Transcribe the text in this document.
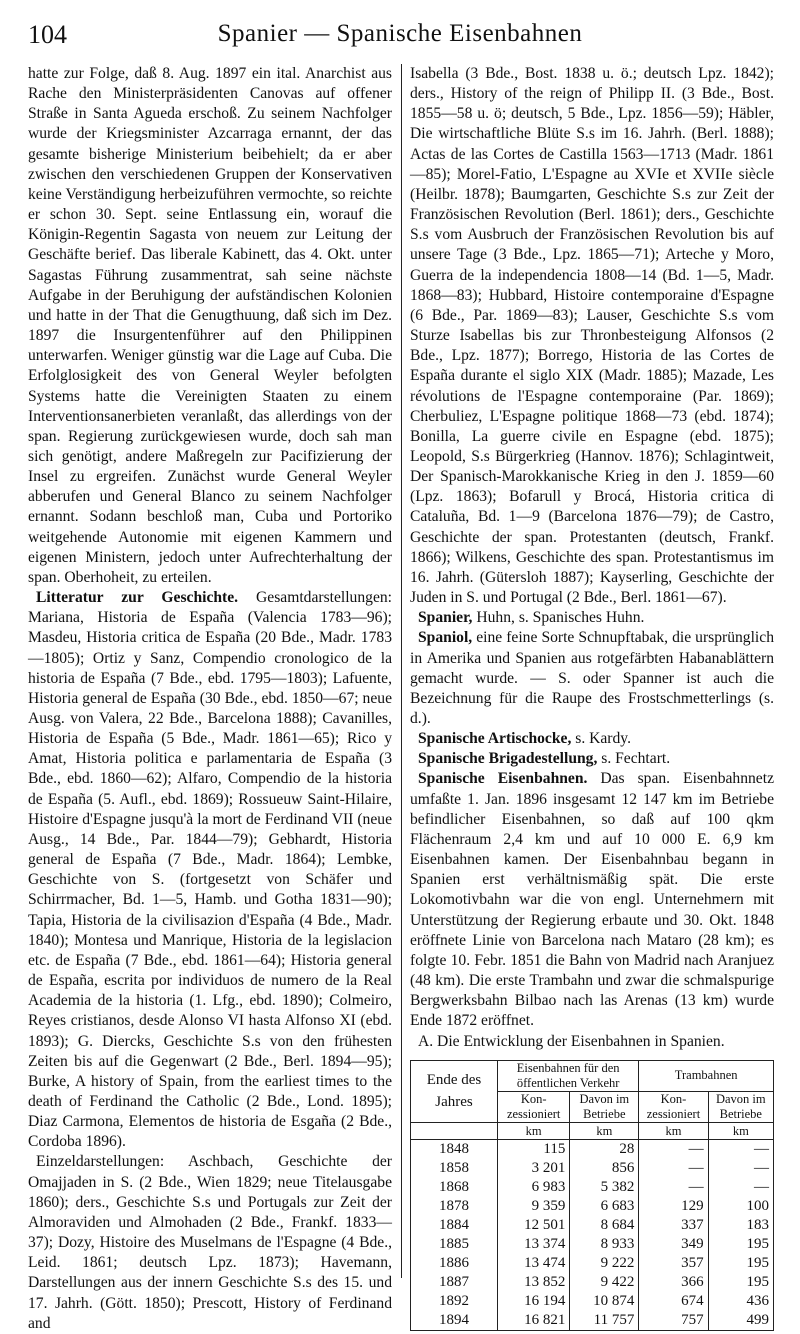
104	Spanier — Spanische Eisenbahnen

hatte zur Folge, daß 8. Aug. 1897 ein ital. Anarchist aus Rache den Ministerpräsidenten Canovas auf offener Straße in Santa Agueda erschoß. Zu seinem Nachfolger wurde der Kriegsminister Azcarraga ernannt, der das gesamte bisherige Ministerium beibehielt; da er aber zwischen den verschiedenen Gruppen der Konservativen keine Verständigung herbeizuführen vermochte, so reichte er schon 30. Sept. seine Entlassung ein, worauf die Königin-Regentin Sagasta von neuem zur Leitung der Geschäfte berief. Das liberale Kabinett, das 4. Okt. unter Sagastas Führung zusammentrat, sah seine nächste Aufgabe in der Beruhigung der aufständischen Kolonien und hatte in der That die Genugthuung, daß sich im Dez. 1897 die Insurgentenführer auf den Philippinen unterwarfen. Weniger günstig war die Lage auf Cuba. Die Erfolglosigkeit des von General Weyler befolgten Systems hatte die Vereinigten Staaten zu einem Interventionsanerbieten veranlaßt, das allerdings von der span. Regierung zurückgewiesen wurde, doch sah man sich genötigt, andere Maßregeln zur Pacifizierung der Insel zu ergreifen. Zunächst wurde General Weyler abberufen und General Blanco zu seinem Nachfolger ernannt. Sodann beschloß man, Cuba und Portoriko weitgehende Autonomie mit eigenen Kammern und eigenen Ministern, jedoch unter Aufrechterhaltung der span. Oberhoheit, zu erteilen.

Litteratur zur Geschichte. Gesamtdarstellungen: Mariana, Historia de España (Valencia 1783—96); Masdeu, Historia critica de España (20 Bde., Madr. 1783—1805); Ortiz y Sanz, Compendio cronologico de la historia de España (7 Bde., ebd. 1795—1803); Lafuente, Historia general de España (30 Bde., ebd. 1850—67; neue Ausg. von Valera, 22 Bde., Barcelona 1888); Cavanilles, Historia de España (5 Bde., Madr. 1861—65); Rico y Amat, Historia politica e parlamentaria de España (3 Bde., ebd. 1860—62); Alfaro, Compendio de la historia de España (5. Aufl., ebd. 1869); Rossueuw Saint-Hilaire, Histoire d'Espagne jusqu'à la mort de Ferdinand VII (neue Ausg., 14 Bde., Par. 1844—79); Gebhardt, Historia general de España (7 Bde., Madr. 1864); Lembke, Geschichte von S. (fortgesetzt von Schäfer und Schirrmacher, Bd. 1—5, Hamb. und Gotha 1831—90); Tapia, Historia de la civilisazion d'España (4 Bde., Madr. 1840); Montesa und Manrique, Historia de la legislacion etc. de España (7 Bde., ebd. 1861—64); Historia general de España, escrita por individuos de numero de la Real Academia de la historia (1. Lfg., ebd. 1890); Colmeiro, Reyes cristianos, desde Alonso VI hasta Alfonso XI (ebd. 1893); G. Diercks, Geschichte S.s von den frühesten Zeiten bis auf die Gegenwart (2 Bde., Berl. 1894—95); Burke, A history of Spain, from the earliest times to the death of Ferdinand the Catholic (2 Bde., Lond. 1895); Diaz Carmona, Elementos de historia de Esgaña (2 Bde., Cordoba 1896).

Einzeldarstellungen: Aschbach, Geschichte der Omajjaden in S. (2 Bde., Wien 1829; neue Titelausgabe 1860); ders., Geschichte S.s und Portugals zur Zeit der Almoraviden und Almohaden (2 Bde., Frankf. 1833—37); Dozy, Histoire des Muselmans de l'Espagne (4 Bde., Leid. 1861; deutsch Lpz. 1873); Havemann, Darstellungen aus der innern Geschichte S.s des 15. und 17. Jahrh. (Gött. 1850); Prescott, History of Ferdinand and

Isabella (3 Bde., Bost. 1838 u. ö.; deutsch Lpz. 1842); ders., History of the reign of Philipp II. (3 Bde., Bost. 1855—58 u. ö; deutsch, 5 Bde., Lpz. 1856—59); Häbler, Die wirtschaftliche Blüte S.s im 16. Jahrh. (Berl. 1888); Actas de las Cortes de Castilla 1563—1713 (Madr. 1861—85); Morel-Fatio, L'Espagne au XVIe et XVIIe siècle (Heilbr. 1878); Baumgarten, Geschichte S.s zur Zeit der Französischen Revolution (Berl. 1861); ders., Geschichte S.s vom Ausbruch der Französischen Revolution bis auf unsere Tage (3 Bde., Lpz. 1865—71); Arteche y Moro, Guerra de la independencia 1808—14 (Bd. 1—5, Madr. 1868—83); Hubbard, Histoire contemporaine d'Espagne (6 Bde., Par. 1869—83); Lauser, Geschichte S.s vom Sturze Isabellas bis zur Thronbesteigung Alfonsos (2 Bde., Lpz. 1877); Borrego, Historia de las Cortes de España durante el siglo XIX (Madr. 1885); Mazade, Les révolutions de l'Espagne contemporaine (Par. 1869); Cherbuliez, L'Espagne politique 1868—73 (ebd. 1874); Bonilla, La guerre civile en Espagne (ebd. 1875); Leopold, S.s Bürgerkrieg (Hannov. 1876); Schlagintweit, Der Spanisch-Marokkanische Krieg in den J. 1859—60 (Lpz. 1863); Bofarull y Brocá, Historia critica di Cataluña, Bd. 1—9 (Barcelona 1876—79); de Castro, Geschichte der span. Protestanten (deutsch, Frankf. 1866); Wilkens, Geschichte des span. Protestantismus im 16. Jahrh. (Gütersloh 1887); Kayserling, Geschichte der Juden in S. und Portugal (2 Bde., Berl. 1861—67).

Spanier, Huhn, s. Spanisches Huhn.

Spaniol, eine feine Sorte Schnupftabak, die ursprünglich in Amerika und Spanien aus rotgefärbten Habanablättern gemacht wurde. — S. oder Spanner ist auch die Bezeichnung für die Raupe des Frostschmetterlings (s. d.).

Spanische Artischocke, s. Kardy.

Spanische Brigadestellung, s. Fechtart.

Spanische Eisenbahnen. Das span. Eisenbahnnetz umfaßte 1. Jan. 1896 insgesamt 12 147 km im Betriebe befindlicher Eisenbahnen, so daß auf 100 qkm Flächenraum 2,4 km und auf 10 000 E. 6,9 km Eisenbahnen kamen. Der Eisenbahnbau begann in Spanien erst verhältnismäßig spät. Die erste Lokomotivbahn war die von engl. Unternehmern mit Unterstützung der Regierung erbaute und 30. Okt. 1848 eröffnete Linie von Barcelona nach Mataro (28 km); es folgte 10. Febr. 1851 die Bahn von Madrid nach Aranjuez (48 km). Die erste Trambahn und zwar die schmalspurige Bergwerksbahn Bilbao nach las Arenas (13 km) wurde Ende 1872 eröffnet.

A. Die Entwicklung der Eisenbahnen in Spanien.

Ende des Jahres	Eisenbahnen für den öffentlichen Verkehr		Trambahnen	
	Kon-zessioniert	Davon im Betriebe	Kon-zessioniert	Davon im Betriebe
	km	km	km	km
1848	115	28	—	—
1858	3 201	856	—	—
1868	6 983	5 382	—	—
1878	9 359	6 683	129	100
1884	12 501	8 684	337	183
1885	13 374	8 933	349	195
1886	13 474	9 222	357	195
1887	13 852	9 422	366	195
1892	16 194	10 874	674	436
1894	16 821	11 757	757	499
